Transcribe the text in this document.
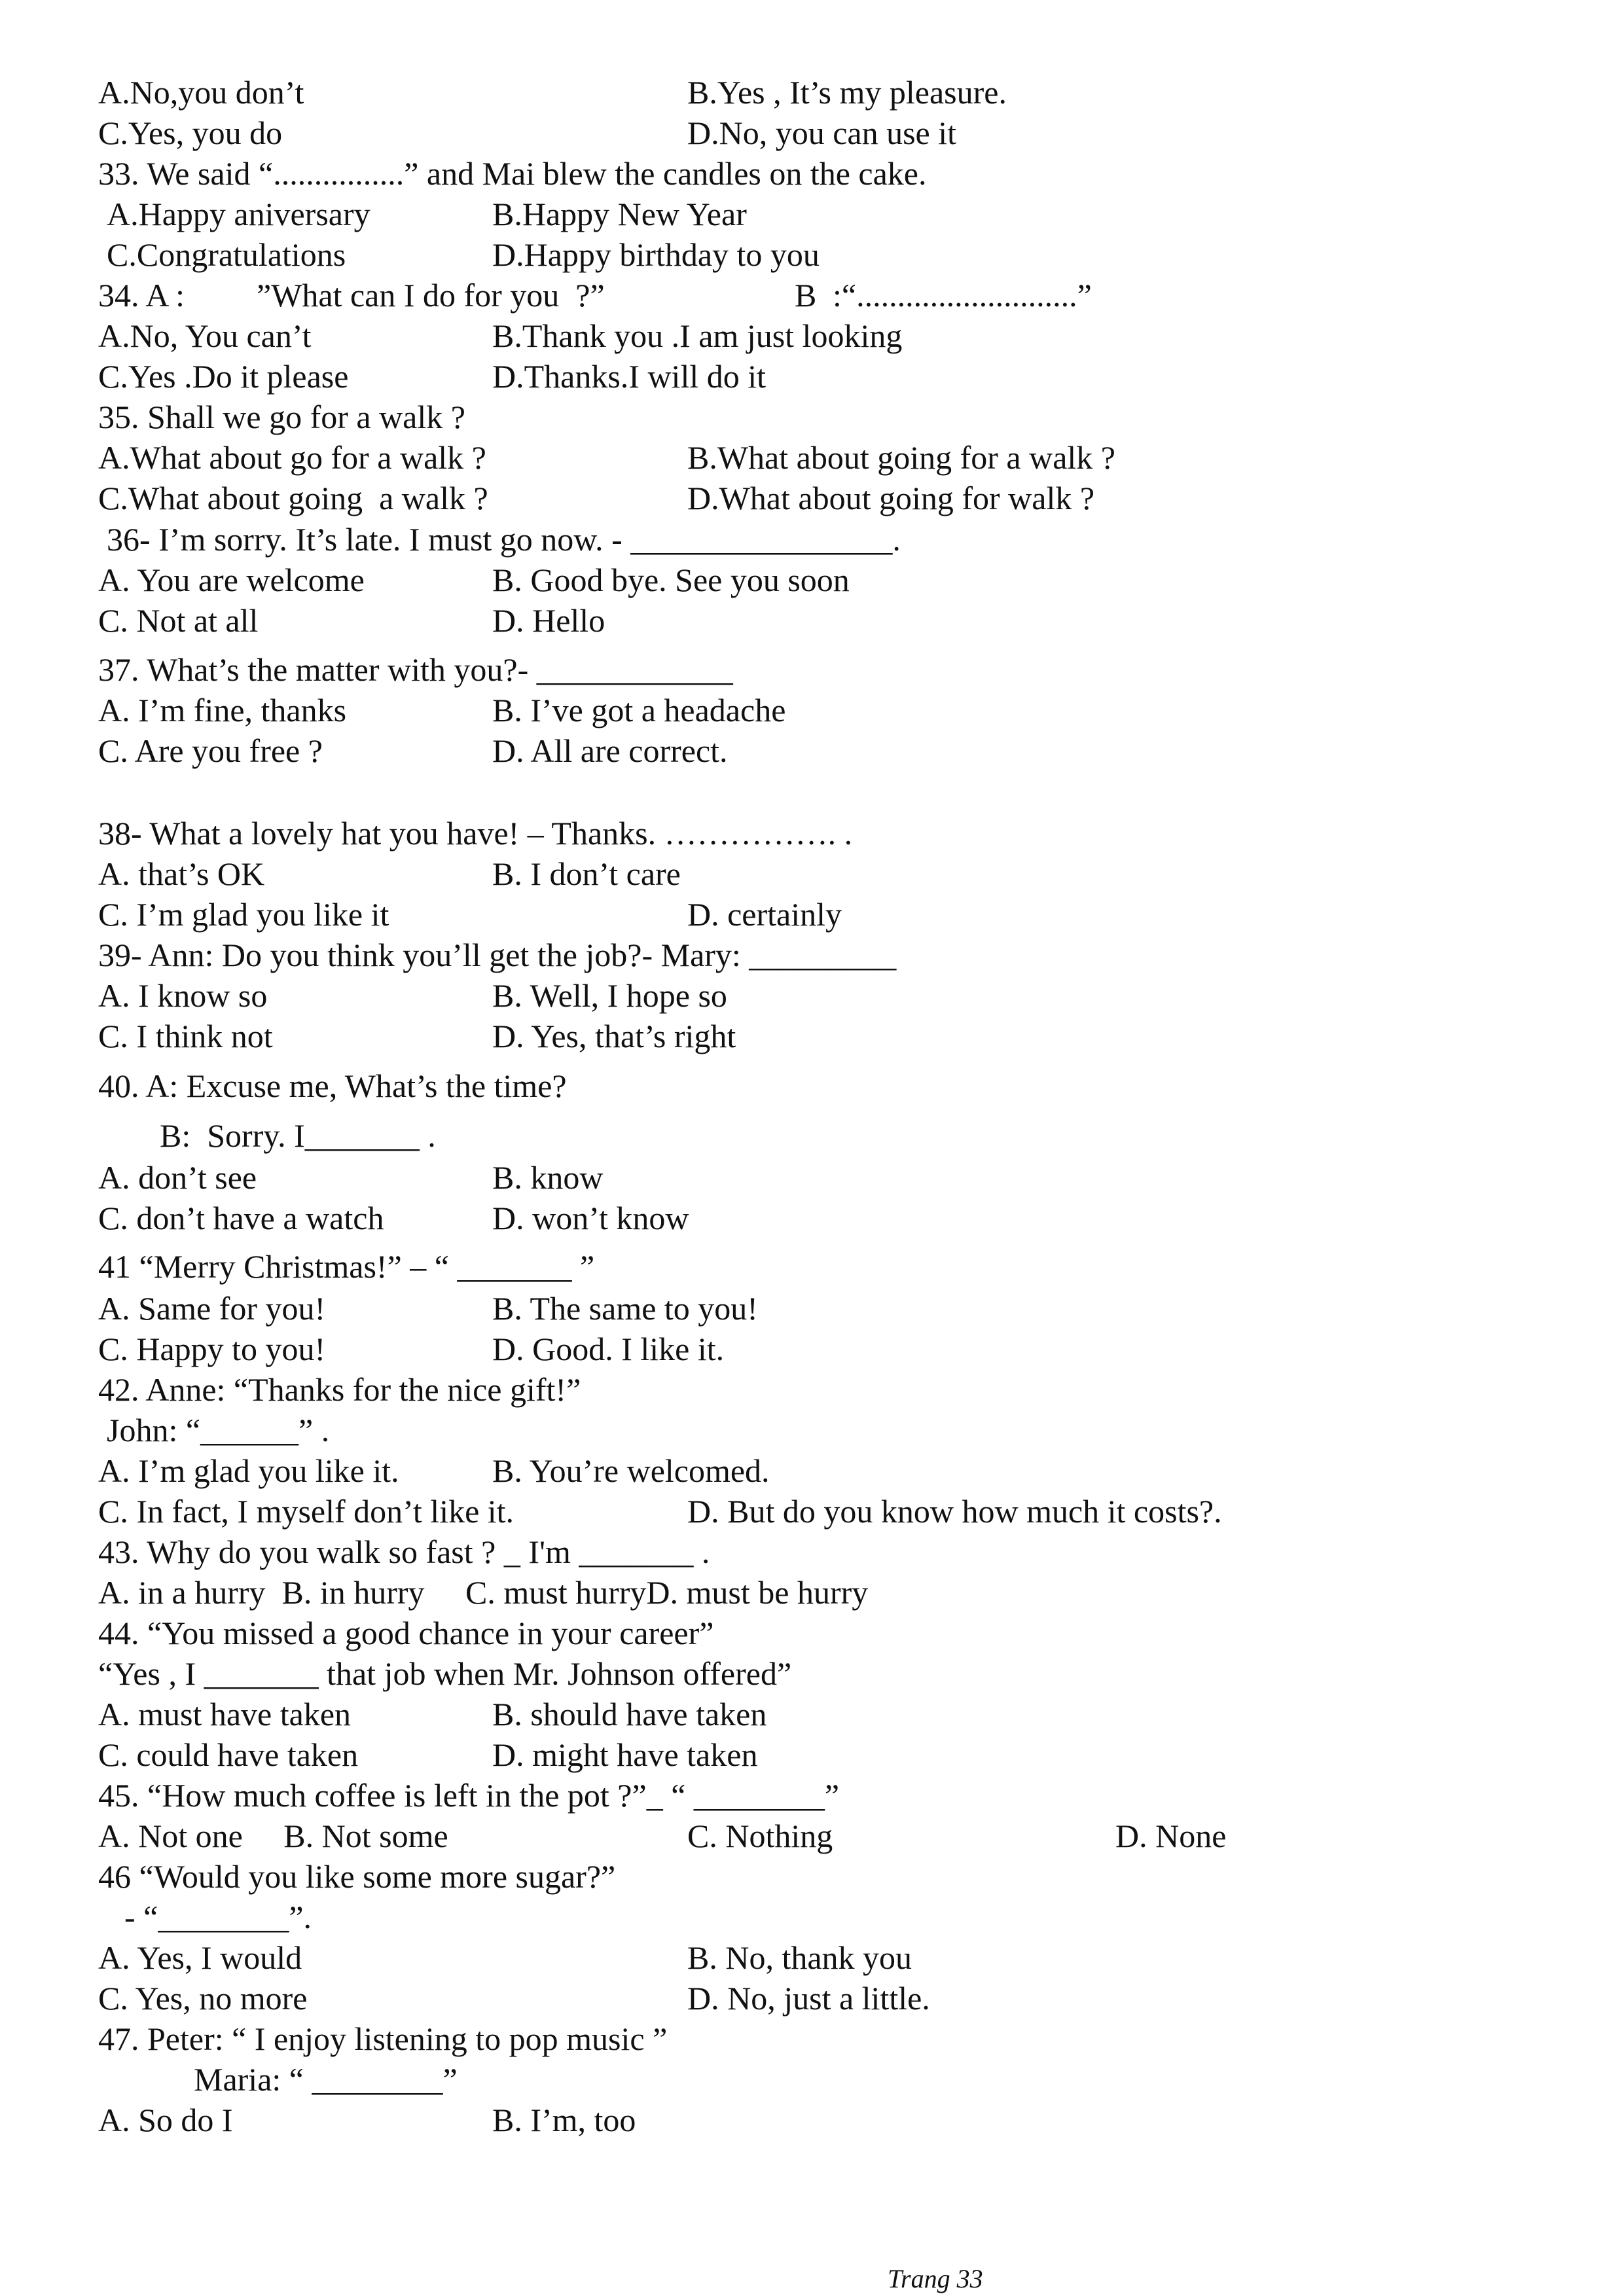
A.No,you don’t	B.Yes , It’s my pleasure.
C.Yes, you do	D.No, you can use it
33. We said “................” and Mai blew the candles on the cake.
A.Happy aniversary	B.Happy New Year
C.Congratulations	D.Happy birthday to you
34. A : ”What can I do for you  ?”	B :“...........................”
A.No, You can’t	B.Thank you .I am just looking
C.Yes .Do it please	D.Thanks.I will do it
35. Shall we go for a walk ?
A.What about go for a walk ?	B.What about going for a walk ?
C.What about going  a walk ?	D.What about going for walk ?
36- I’m sorry. It’s late. I must go now. - ________________.
A. You are welcome	B. Good bye. See you soon
C. Not at all	D. Hello
37. What’s the matter with you?- ____________
A. I’m fine, thanks	B. I’ve got a headache
C. Are you free ?	D. All are correct.
38- What a lovely hat you have! – Thanks. ……………. .
A. that’s OK	B. I don’t care
C. I’m glad you like it	D. certainly
39- Ann: Do you think you’ll get the job?- Mary: _________
A. I know so	B. Well, I hope so
C. I think not	D. Yes, that’s right
40. A: Excuse me, What’s the time?
B:  Sorry. I_______ .
A. don’t see	B. know
C. don’t have a watch	D. won’t know
41 “Merry Christmas!” – “ _______ ”
A. Same for you!	B. The same to you!
C. Happy to you!	D. Good. I like it.
42. Anne: “Thanks for the nice gift!”
John: “______” .
A. I’m glad you like it.	B. You’re welcomed.
C. In fact, I myself don’t like it.	D. But do you know how much it costs?.
43. Why do you walk so fast ? _ I'm _______ .
A. in a hurry  B. in hurry     C. must hurryD. must be hurry
44. “You missed a good chance in your career”
“Yes , I _______ that job when Mr. Johnson offered”
A. must have taken	B. should have taken
C. could have taken	D. might have taken
45. “How much coffee is left in the pot ?”_ “ ________”
A. Not one     B. Not some	C. Nothing	D. None
46 “Would you like some more sugar?”
- “________”.
A. Yes, I would	B. No, thank you
C. Yes, no more	D. No, just a little.
47. Peter: “ I enjoy listening to pop music ”
Maria: “ ________”
A. So do I	B. I’m, too
Trang 33
